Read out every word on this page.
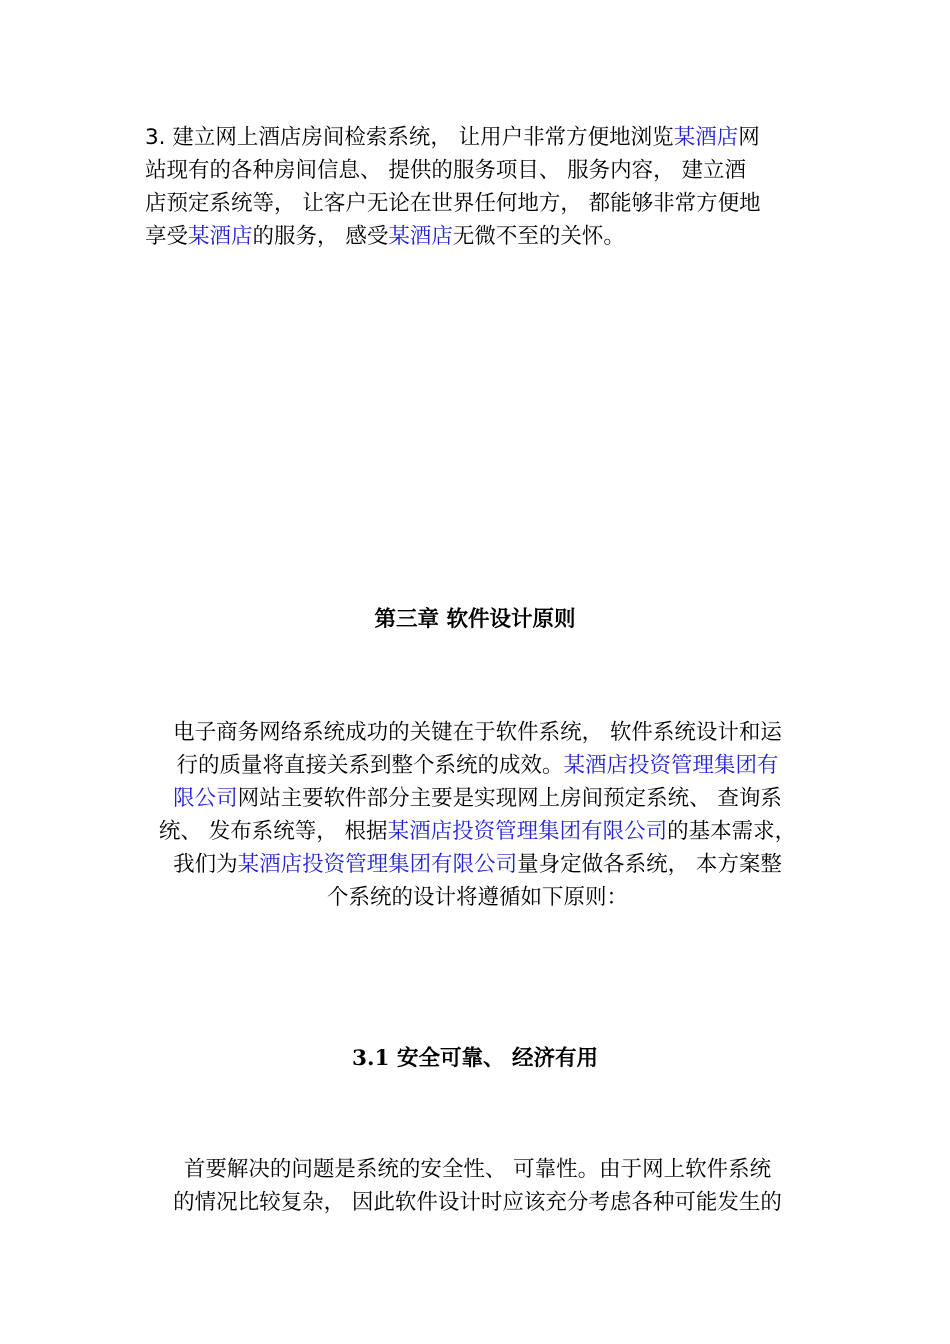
3. 建立网上酒店房间检索系统， 让用户非常方便地浏览某酒店网
站现有的各种房间信息、 提供的服务项目、 服务内容， 建立酒
店预定系统等， 让客户无论在世界任何地方， 都能够非常方便地
享受某酒店的服务， 感受某酒店无微不至的关怀。

第三章 软件设计原则

电子商务网络系统成功的关键在于软件系统， 软件系统设计和运
行的质量将直接关系到整个系统的成效。某酒店投资管理集团有
限公司网站主要软件部分主要是实现网上房间预定系统、 查询系
统、 发布系统等， 根据某酒店投资管理集团有限公司的基本需求，
我们为某酒店投资管理集团有限公司量身定做各系统， 本方案整
个系统的设计将遵循如下原则：

3.1 安全可靠、 经济有用

首要解决的问题是系统的安全性、 可靠性。由于网上软件系统
的情况比较复杂， 因此软件设计时应该充分考虑各种可能发生的
